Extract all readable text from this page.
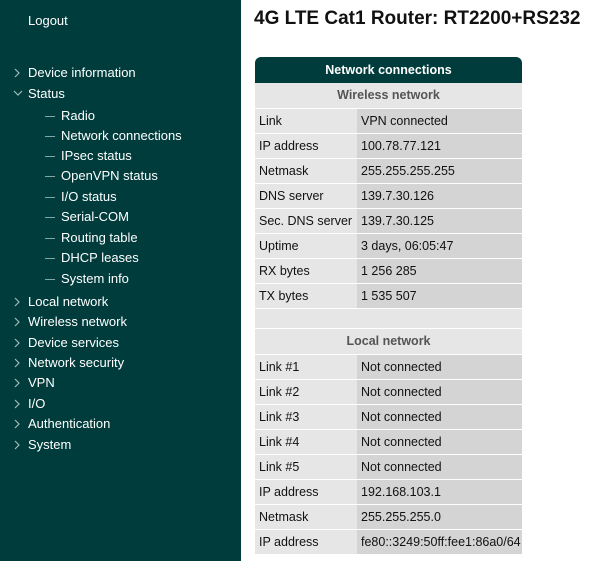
Logout
Device information
Status
Radio
Network connections
IPsec status
OpenVPN status
I/O status
Serial-COM
Routing table
DHCP leases
System info
Local network
Wireless network
Device services
Network security
VPN
I/O
Authentication
System
4G LTE Cat1 Router: RT2200+RS232
Network connections
Wireless network
Link	VPN connected
IP address	100.78.77.121
Netmask	255.255.255.255
DNS server	139.7.30.126
Sec. DNS server 139.7.30.125
Uptime	3 days, 06:05:47
RX bytes	1 256 285
TX bytes	1 535 507
Local network
Link #1	Not connected
Link #2	Not connected
Link #3	Not connected
Link #4	Not connected
Link #5	Not connected
IP address	192.168.103.1
Netmask	255.255.255.0
IP address	fe80::3249:50ff:fee1:86a0/64
